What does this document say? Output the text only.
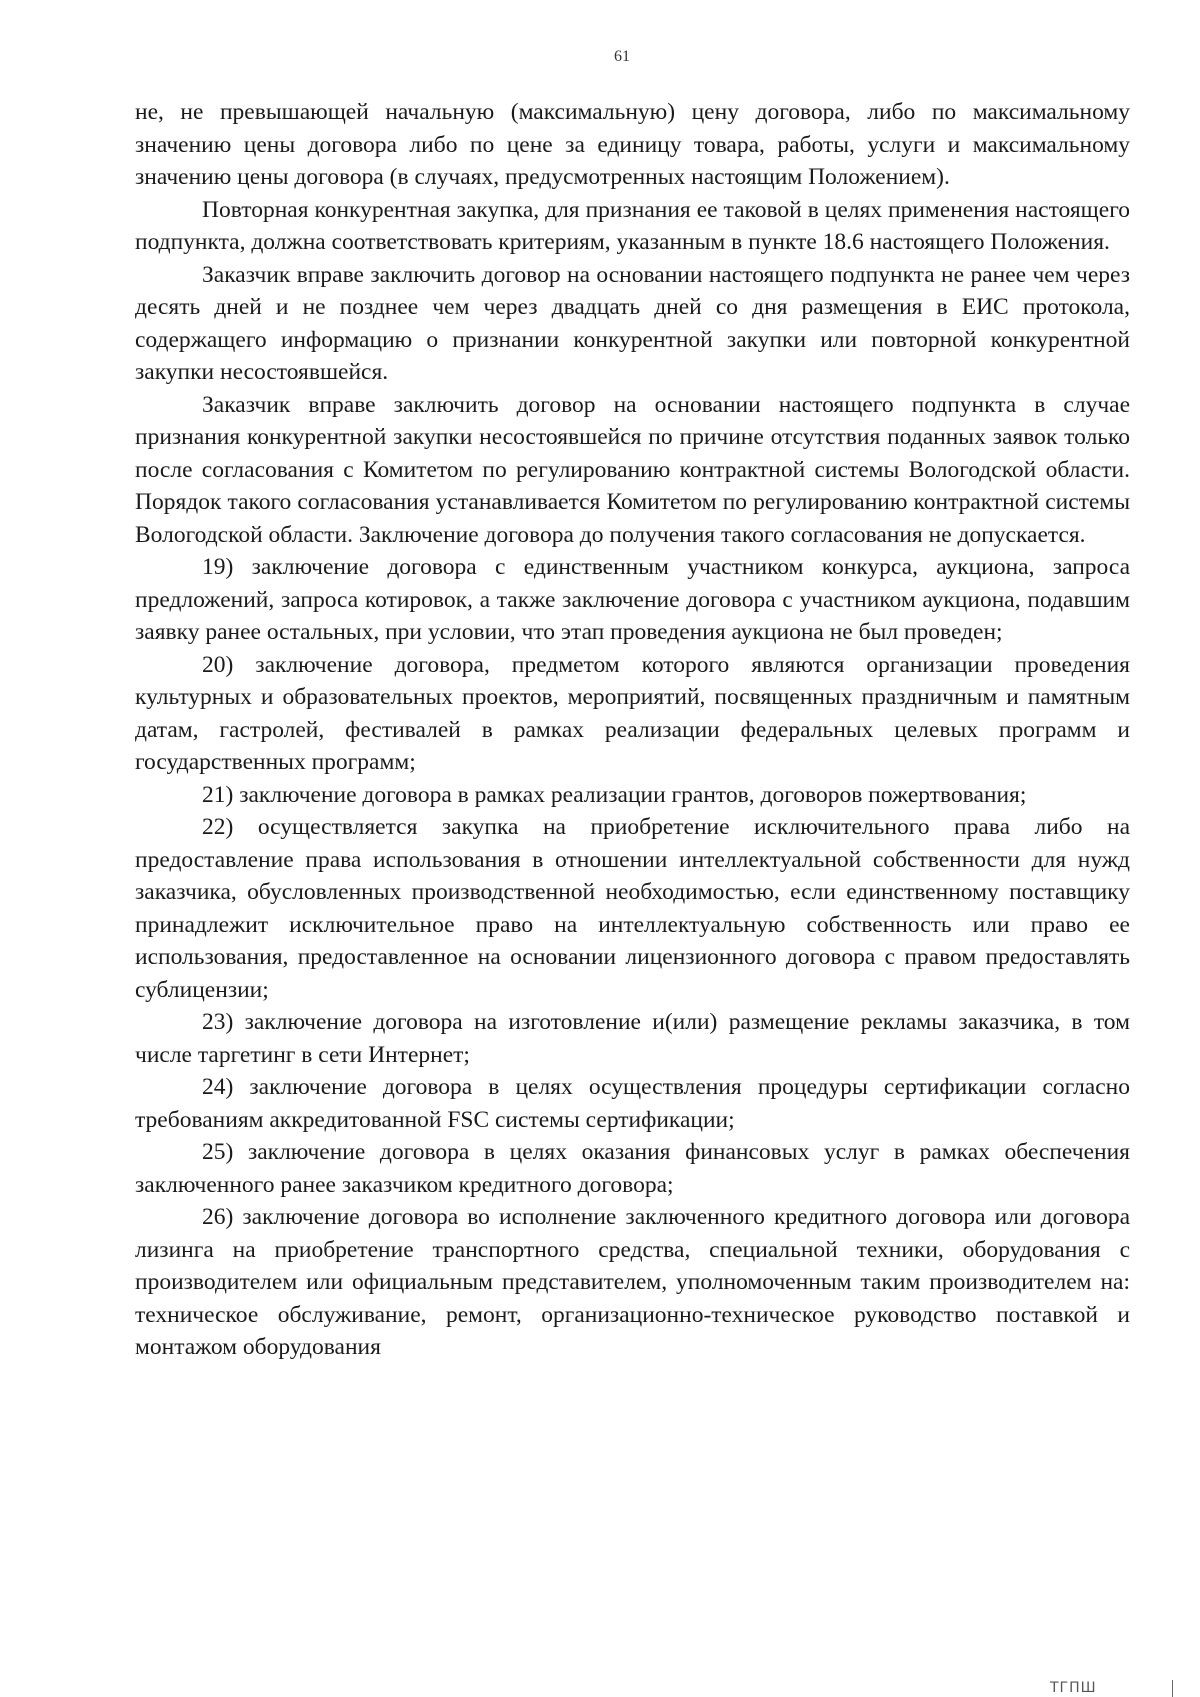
61

не, не превышающей начальную (максимальную) цену договора, либо по максимальному значению цены договора либо по цене за единицу товара, работы, услуги и максимальному значению цены договора (в случаях, предусмотренных настоящим Положением).

Повторная конкурентная закупка, для признания ее таковой в целях применения настоящего подпункта, должна соответствовать критериям, указанным в пункте 18.6 настоящего Положения.

Заказчик вправе заключить договор на основании настоящего подпункта не ранее чем через десять дней и не позднее чем через двадцать дней со дня размещения в ЕИС протокола, содержащего информацию о признании конкурентной закупки или повторной конкурентной закупки несостоявшейся.

Заказчик вправе заключить договор на основании настоящего подпункта в случае признания конкурентной закупки несостоявшейся по причине отсутствия поданных заявок только после согласования с Комитетом по регулированию контрактной системы Вологодской области. Порядок такого согласования устанавливается Комитетом по регулированию контрактной системы Вологодской области. Заключение договора до получения такого согласования не допускается.

19) заключение договора с единственным участником конкурса, аукциона, запроса предложений, запроса котировок, а также заключение договора с участником аукциона, подавшим заявку ранее остальных, при условии, что этап проведения аукциона не был проведен;

20) заключение договора, предметом которого являются организации проведения культурных и образовательных проектов, мероприятий, посвященных праздничным и памятным датам, гастролей, фестивалей в рамках реализации федеральных целевых программ и государственных программ;

21) заключение договора в рамках реализации грантов, договоров пожертвования;

22) осуществляется закупка на приобретение исключительного права либо на предоставление права использования в отношении интеллектуальной собственности для нужд заказчика, обусловленных производственной необходимостью, если единственному поставщику принадлежит исключительное право на интеллектуальную собственность или право ее использования, предоставленное на основании лицензионного договора с правом предоставлять сублицензии;

23) заключение договора на изготовление и(или) размещение рекламы заказчика, в том числе таргетинг в сети Интернет;

24) заключение договора в целях осуществления процедуры сертификации согласно требованиям аккредитованной FSC системы сертификации;

25) заключение договора в целях оказания финансовых услуг в рамках обеспечения заключенного ранее заказчиком кредитного договора;

26) заключение договора во исполнение заключенного кредитного договора или договора лизинга на приобретение транспортного средства, специальной техники, оборудования с производителем или официальным представителем, уполномоченным таким производителем на: техническое обслуживание, ремонт, организационно-техническое руководство поставкой и монтажом оборудования

ТГПШ
